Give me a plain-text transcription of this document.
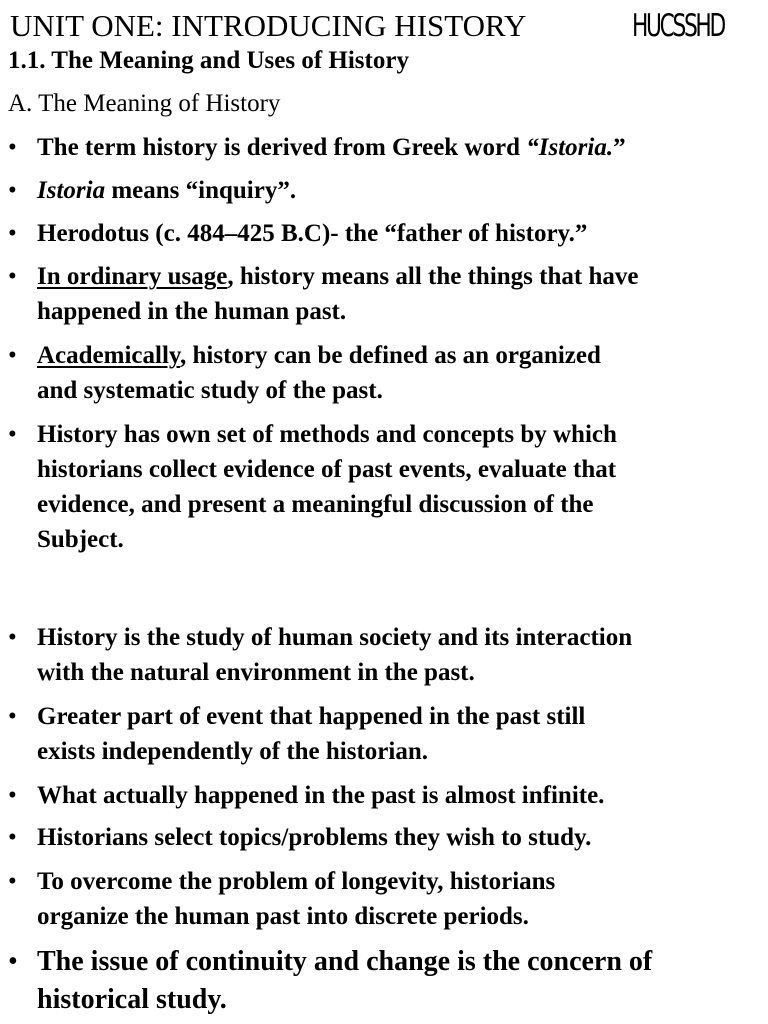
UNIT ONE: INTRODUCING HISTORY	HUCSSHD
1.1. The Meaning and Uses of History
A. The Meaning of History
• The term history is derived from Greek word “Istoria.”
• Istoria means “inquiry”.
• Herodotus (c. 484–425 B.C)- the “father of history.”
• In ordinary usage, history means all the things that have
happened in the human past.
• Academically, history can be defined as an organized
and systematic study of the past.
• History has own set of methods and concepts by which
historians collect evidence of past events, evaluate that
evidence, and present a meaningful discussion of the
Subject.
• History is the study of human society and its interaction
with the natural environment in the past.
• Greater part of event that happened in the past still
exists independently of the historian.
• What actually happened in the past is almost infinite.
• Historians select topics/problems they wish to study.
• To overcome the problem of longevity, historians
organize the human past into discrete periods.
• The issue of continuity and change is the concern of
historical study.
